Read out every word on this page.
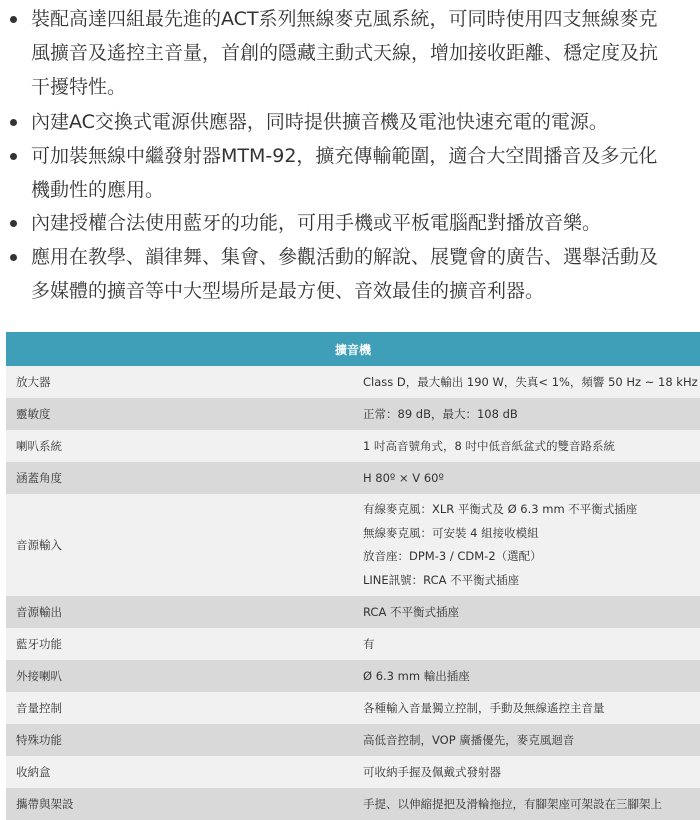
裝配高達四組最先進的ACT系列無線麥克風系統，可同時使用四支無線麥克
風擴音及遙控主音量，首創的隱藏主動式天線，增加接收距離、穩定度及抗
干擾特性。
內建AC交換式電源供應器，同時提供擴音機及電池快速充電的電源。
可加裝無線中繼發射器MTM-92，擴充傳輸範圍，適合大空間播音及多元化
機動性的應用。
內建授權合法使用藍牙的功能，可用手機或平板電腦配對播放音樂。
應用在教學、韻律舞、集會、參觀活動的解說、展覽會的廣告、選舉活動及
多媒體的擴音等中大型場所是最方便、音效最佳的擴音利器。
擴音機	
放大器	Class D，最大輸出 190 W，失真< 1%，頻響 50 Hz ~ 18 kHz
靈敏度	正常：89 dB，最大：108 dB
喇叭系統	1 吋高音號角式，8 吋中低音紙盆式的雙音路系統
涵蓋角度	H 80º × V 60º
音源輸入	有線麥克風：XLR 平衡式及 Ø 6.3 mm 不平衡式插座
無線麥克風：可安裝 4 組接收模組
放音座：DPM-3 / CDM-2（選配）
LINE訊號：RCA 不平衡式插座

音源輸出	RCA 不平衡式插座
藍牙功能	有
外接喇叭	Ø 6.3 mm 輸出插座
音量控制	各種輸入音量獨立控制，手動及無線遙控主音量
特殊功能	高低音控制，VOP 廣播優先，麥克風迴音
收納盒	可收納手握及佩戴式發射器
攜帶與架設	手提、以伸縮提把及滑輪拖拉，有腳架座可架設在三腳架上
